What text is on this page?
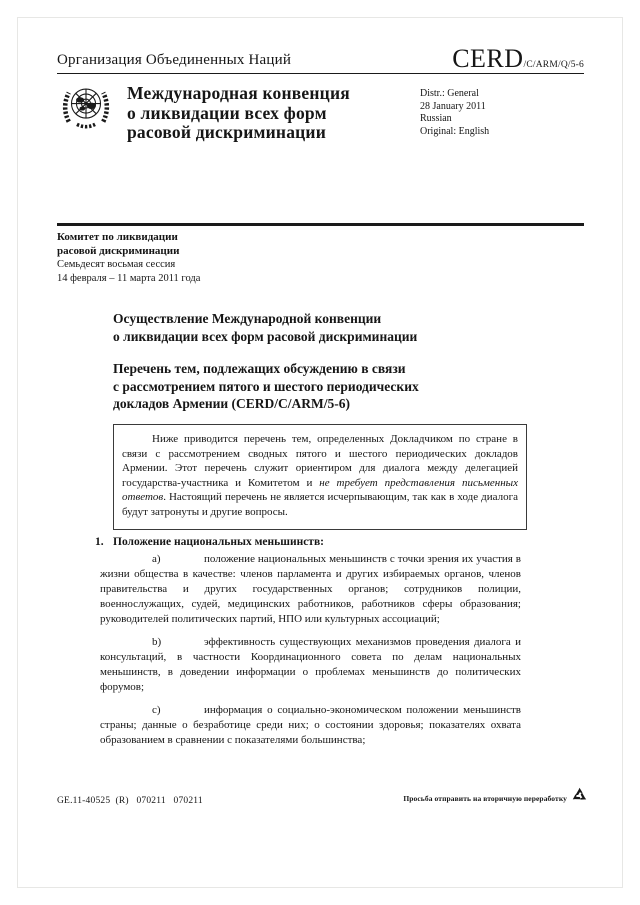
Организация Объединенных Наций	CERD/C/ARM/Q/5-6
Международная конвенция
о ликвидации всех форм
расовой дискриминации
Distr.: General
28 January 2011
Russian
Original: English
Комитет по ликвидации
расовой дискриминации
Семьдесят восьмая сессия
14 февраля – 11 марта 2011 года
Осуществление Международной конвенции
о ликвидации всех форм расовой дискриминации
Перечень тем, подлежащих обсуждению в связи
с рассмотрением пятого и шестого периодических
докладов Армении (CERD/C/ARM/5-6)
Ниже приводится перечень тем, определенных Докладчиком по стране в связи с рассмотрением сводных пятого и шестого периодических докладов Армении. Этот перечень служит ориентиром для диалога между делегацией государства-участника и Комитетом и не требует представления письменных ответов. Настоящий перечень не является исчерпывающим, так как в ходе диалога будут затронуты и другие вопросы.
1. Положение национальных меньшинств:

a)	положение национальных меньшинств с точки зрения их участия в жизни общества в качестве: членов парламента и других избираемых органов, членов правительства и других государственных органов; сотрудников полиции, военнослужащих, судей, медицинских работников, работников сферы образования; руководителей политических партий, НПО или культурных ассоциаций;

b)	эффективность существующих механизмов проведения диалога и консультаций, в частности Координационного совета по делам национальных меньшинств, в доведении информации о проблемах меньшинств до политических форумов;

c)	информация о социально-экономическом положении меньшинств страны; данные о безработице среди них; о состоянии здоровья; показателях охвата образованием в сравнении с показателями большинства;

GE.11-40525  (R)   070211   070211	Просьба отправить на вторичную переработку
